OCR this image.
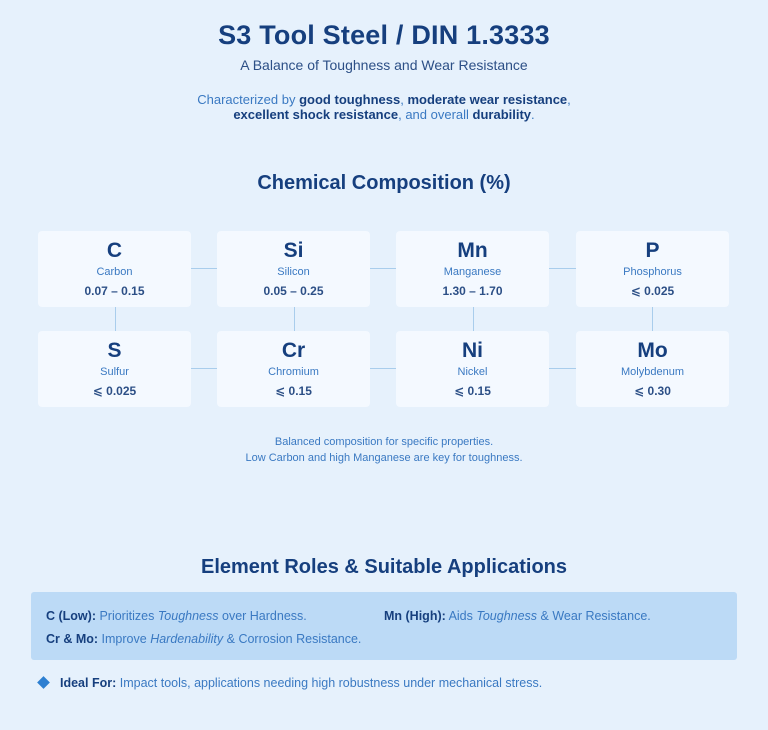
S3 Tool Steel / DIN 1.3333
A Balance of Toughness and Wear Resistance
Characterized by good toughness, moderate wear resistance,
excellent shock resistance, and overall durability.
Chemical Composition (%)
C
Carbon
0.07 – 0.15
Si
Silicon
0.05 – 0.25
Mn
Manganese
1.30 – 1.70
P
Phosphorus
⩽ 0.025
S
Sulfur
⩽ 0.025
Cr
Chromium
⩽ 0.15
Ni
Nickel
⩽ 0.15
Mo
Molybdenum
⩽ 0.30
Balanced composition for specific properties.
Low Carbon and high Manganese are key for toughness.
Element Roles & Suitable Applications
C (Low): Prioritizes Toughness over Hardness.	Mn (High): Aids Toughness & Wear Resistance.
Cr & Mo: Improve Hardenability & Corrosion Resistance.
Ideal For: Impact tools, applications needing high robustness under mechanical stress.
